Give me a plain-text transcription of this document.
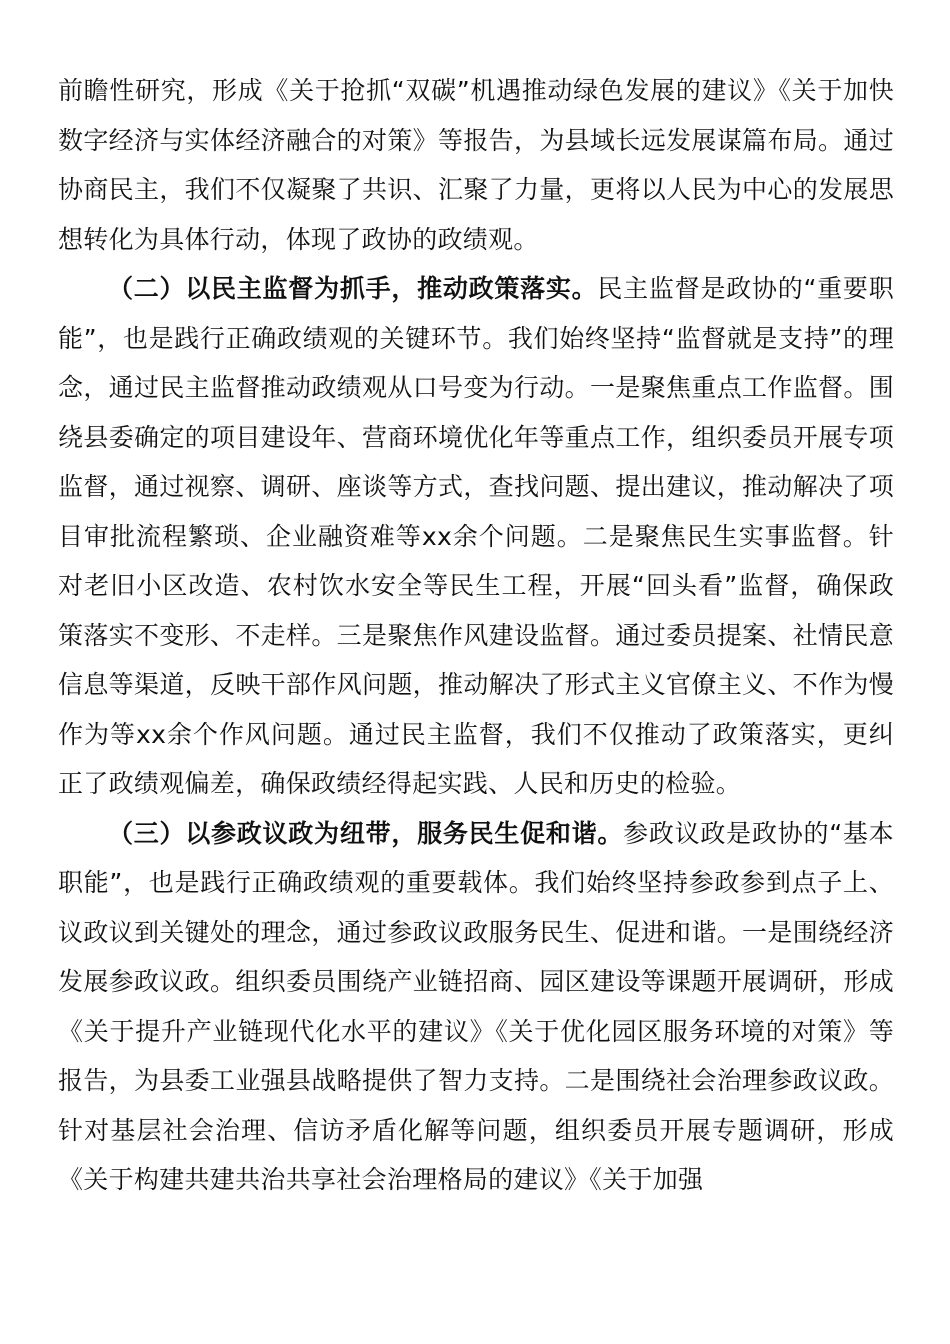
前瞻性研究，形成《关于抢抓“双碳”机遇推动绿色发展的建议》《关于加快数字经济与实体经济融合的对策》等报告，为县域长远发展谋篇布局。通过协商民主，我们不仅凝聚了共识、汇聚了力量，更将以人民为中心的发展思想转化为具体行动，体现了政协的政绩观。

（二）以民主监督为抓手，推动政策落实。民主监督是政协的“重要职能”，也是践行正确政绩观的关键环节。我们始终坚持“监督就是支持”的理念，通过民主监督推动政绩观从口号变为行动。一是聚焦重点工作监督。围绕县委确定的项目建设年、营商环境优化年等重点工作，组织委员开展专项监督，通过视察、调研、座谈等方式，查找问题、提出建议，推动解决了项目审批流程繁琐、企业融资难等xx余个问题。二是聚焦民生实事监督。针对老旧小区改造、农村饮水安全等民生工程，开展“回头看”监督，确保政策落实不变形、不走样。三是聚焦作风建设监督。通过委员提案、社情民意信息等渠道，反映干部作风问题，推动解决了形式主义官僚主义、不作为慢作为等xx余个作风问题。通过民主监督，我们不仅推动了政策落实，更纠正了政绩观偏差，确保政绩经得起实践、人民和历史的检验。

（三）以参政议政为纽带，服务民生促和谐。参政议政是政协的“基本职能”，也是践行正确政绩观的重要载体。我们始终坚持参政参到点子上、议政议到关键处的理念，通过参政议政服务民生、促进和谐。一是围绕经济发展参政议政。组织委员围绕产业链招商、园区建设等课题开展调研，形成《关于提升产业链现代化水平的建议》《关于优化园区服务环境的对策》等报告，为县委工业强县战略提供了智力支持。二是围绕社会治理参政议政。针对基层社会治理、信访矛盾化解等问题，组织委员开展专题调研，形成《关于构建共建共治共享社会治理格局的建议》《关于加强
